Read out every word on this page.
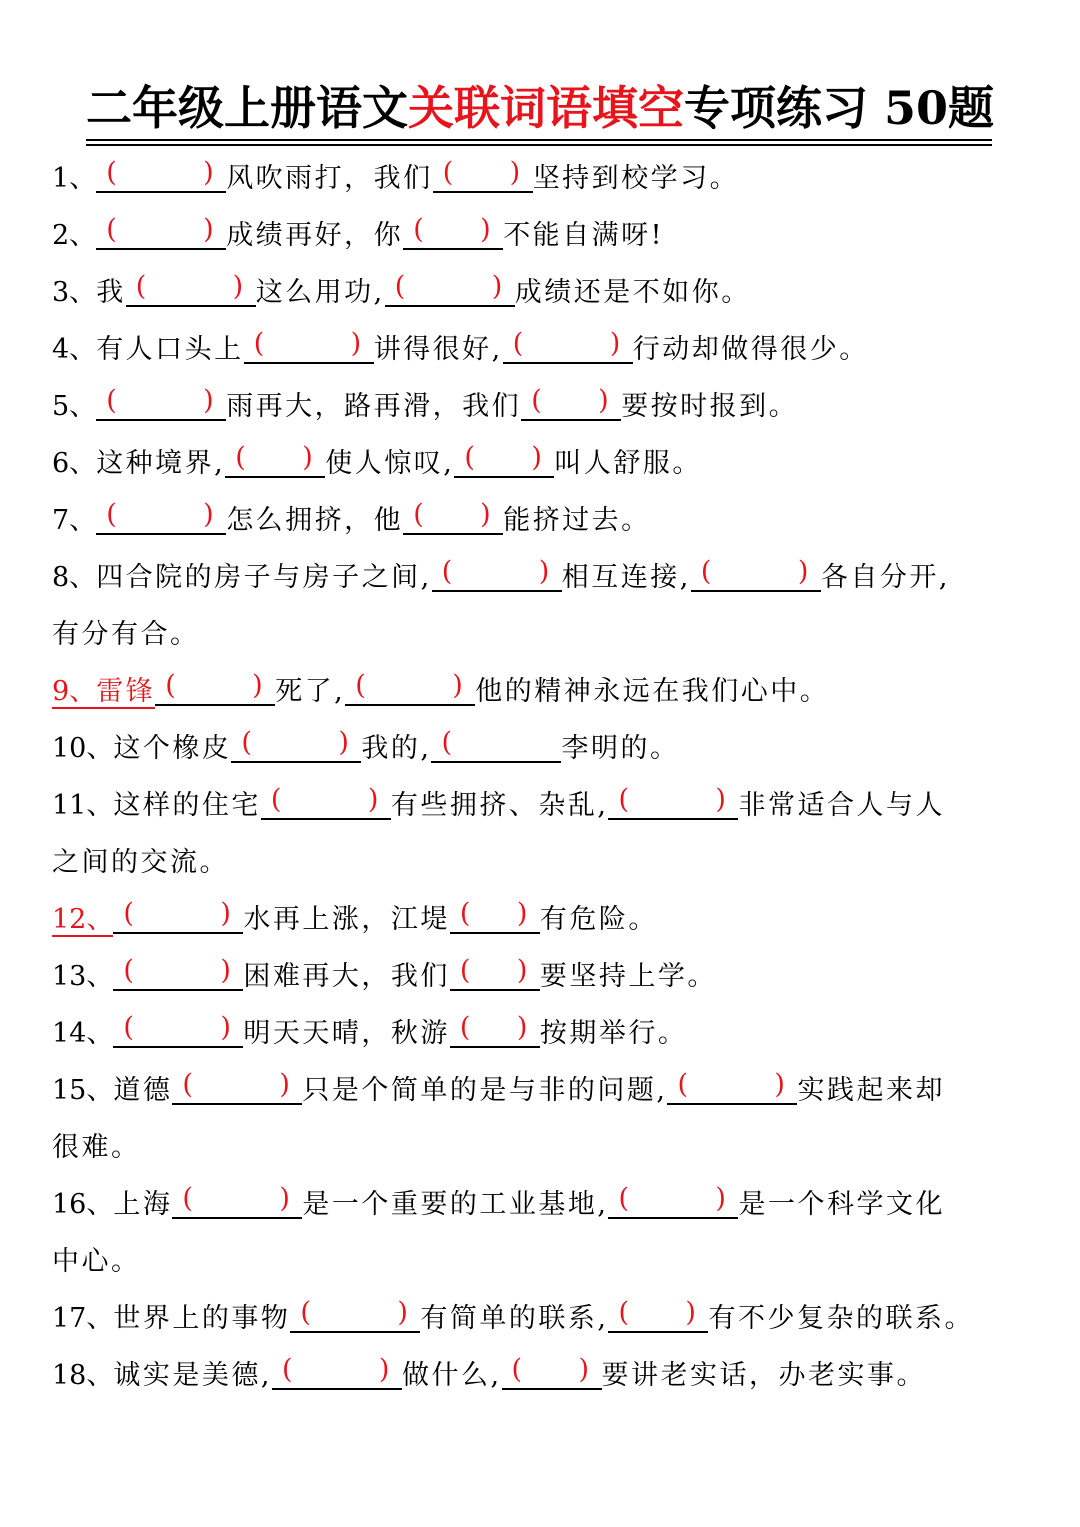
二年级上册语文关联词语填空专项练习 50题
1、 (	) 风吹雨打，我们 ( ) 坚持到校学习。
2、 (	) 成绩再好，你 ( ) 不能自满呀!
3、我 (	) 这么用功, (	) 成绩还是不如你。
4、有人口头上 (	) 讲得很好, (	) 行动却做得很少。
5、 (	) 雨再大，路再滑，我们 ( ) 要按时报到。
6、这种境界, ( ) 使人惊叹, ( ) 叫人舒服。
7、 (	) 怎么拥挤，他 ( ) 能挤过去。
8、四合院的房子与房子之间, (	) 相互连接, (	) 各自分开,
有分有合。
9、雷锋 (	) 死了, (	) 他的精神永远在我们心中。
10、这个橡皮 (	) 我的, (	李明的。
11、这样的住宅 (	) 有些拥挤、杂乱, (	) 非常适合人与人
之间的交流。
12、 (	) 水再上涨，江堤 ( ) 有危险。
13、 (	) 困难再大，我们 ( ) 要坚持上学。
14、 (	) 明天天晴，秋游 ( ) 按期举行。
15、道德 (	) 只是个简单的是与非的问题, (	) 实践起来却
很难。
16、上海 (	) 是一个重要的工业基地, (	) 是一个科学文化
中心。
17、世界上的事物 (	) 有简单的联系, ( ) 有不少复杂的联系。
18、诚实是美德, (	) 做什么, ( ) 要讲老实话，办老实事。
